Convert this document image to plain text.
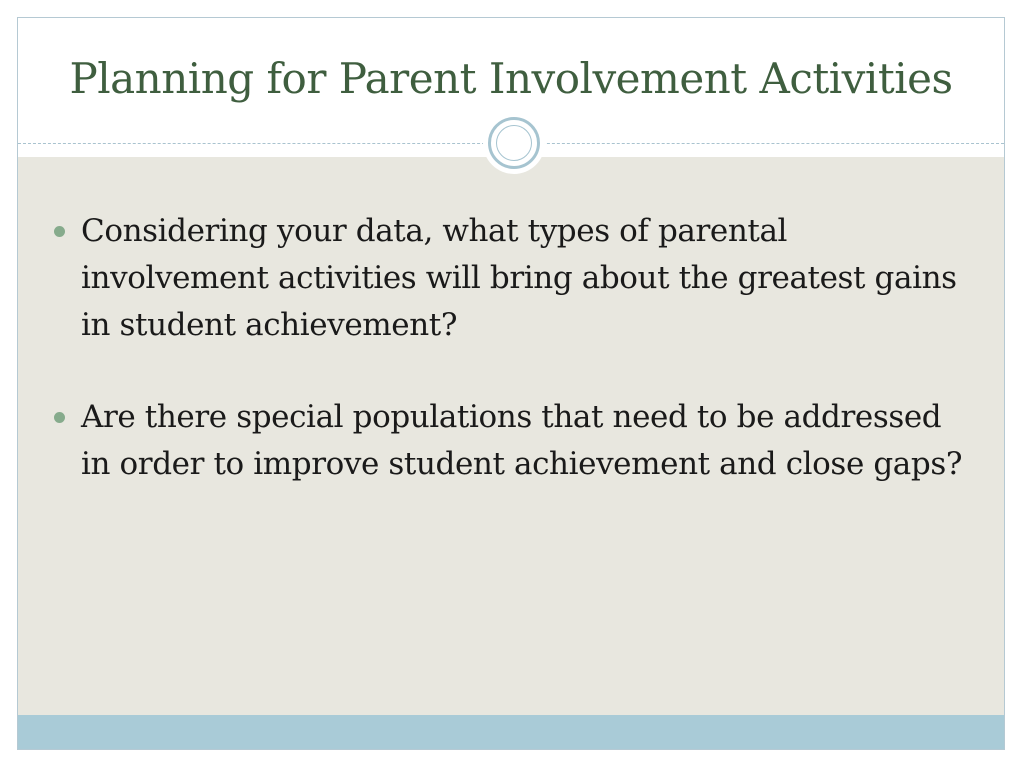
Planning for Parent Involvement Activities
Considering your data, what types of parental involvement activities will bring about the greatest gains in student achievement?
Are there special populations that need to be addressed in order to improve student achievement and close gaps?
